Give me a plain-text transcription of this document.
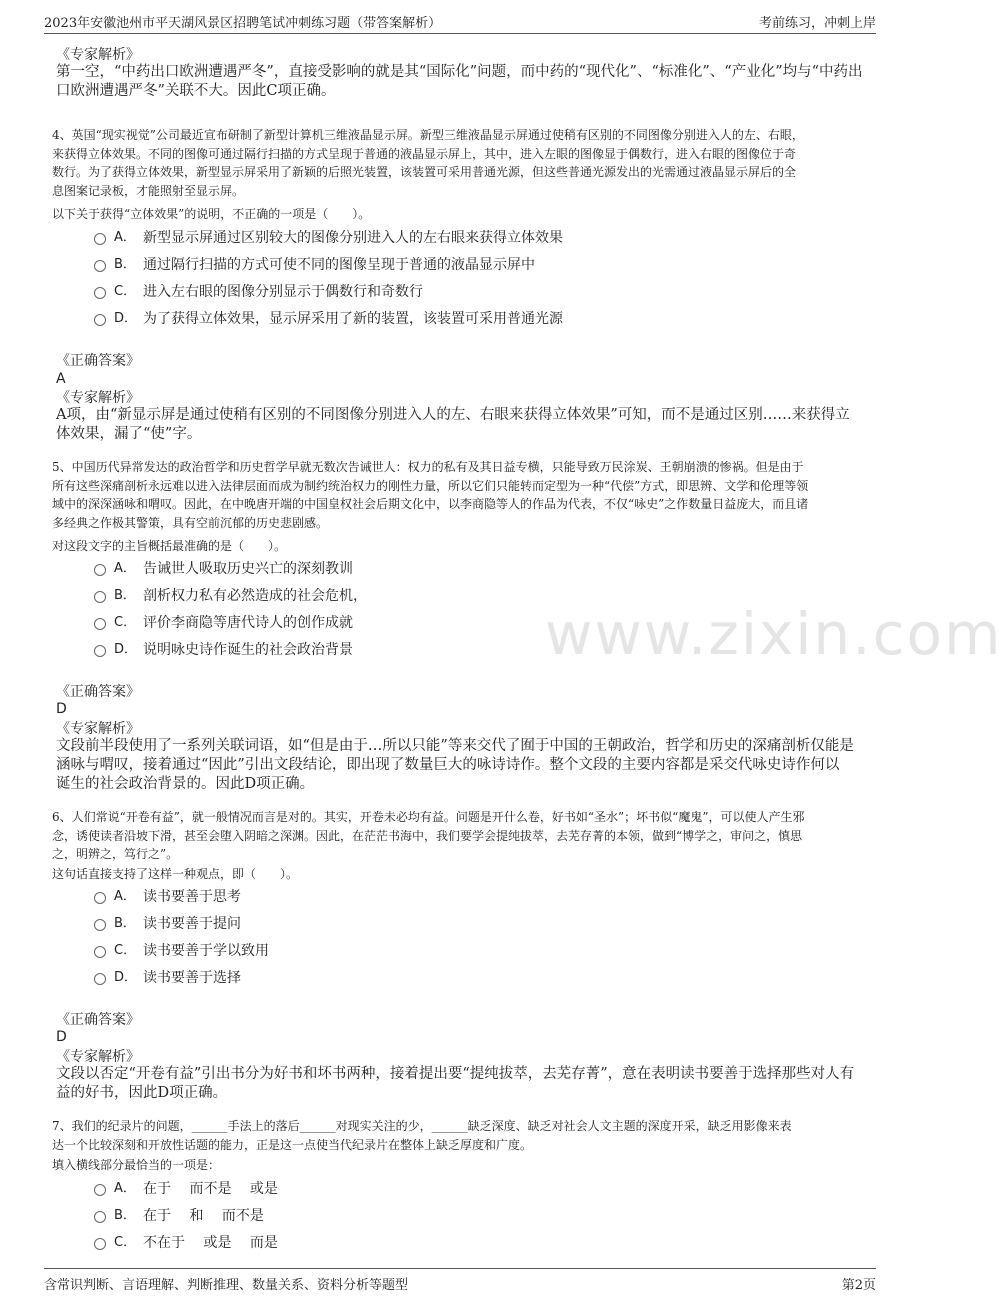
2023年安徽池州市平天湖风景区招聘笔试冲刺练习题（带答案解析）	考前练习，冲刺上岸
www.zixin.com
《专家解析》
第一空，“中药出口欧洲遭遇严冬”，直接受影响的就是其“国际化”问题，而中药的“现代化”、“标准化”、“产业化”均与“中药出
口欧洲遭遇严冬”关联不大。因此C项正确。
4、英国“现实视觉”公司最近宣布研制了新型计算机三维液晶显示屏。新型三维液晶显示屏通过使稍有区别的不同图像分别进入人的左、右眼，
来获得立体效果。不同的图像可通过隔行扫描的方式呈现于普通的液晶显示屏上，其中，进入左眼的图像显于偶数行，进入右眼的图像位于奇
数行。为了获得立体效果，新型显示屏采用了新颖的后照光装置，该装置可采用普通光源，但这些普通光源发出的光需通过液晶显示屏后的全
息图案记录板，才能照射至显示屏。
以下关于获得“立体效果”的说明，不正确的一项是（　　）。
A． 新型显示屏通过区别较大的图像分别进入人的左右眼来获得立体效果
B． 通过隔行扫描的方式可使不同的图像呈现于普通的液晶显示屏中
C． 进入左右眼的图像分别显示于偶数行和奇数行
D． 为了获得立体效果，显示屏采用了新的装置，该装置可采用普通光源
《正确答案》
A
《专家解析》
A项，由“新显示屏是通过使稍有区别的不同图像分别进入人的左、右眼来获得立体效果”可知，而不是通过区别……来获得立
体效果，漏了“使”字。
5、中国历代异常发达的政治哲学和历史哲学早就无数次告诫世人：权力的私有及其日益专横，只能导致万民涂炭、王朝崩溃的惨祸。但是由于
所有这些深痛剖析永远难以进入法律层面而成为制约统治权力的刚性力量，所以它们只能转而定型为一种“代偿”方式，即思辨、文学和伦理等领
域中的深深涵咏和喟叹。因此，在中晚唐开端的中国皇权社会后期文化中，以李商隐等人的作品为代表，不仅“咏史”之作数量日益庞大，而且诸
多经典之作极其警策，具有空前沉郁的历史悲剧感。
对这段文字的主旨概括最准确的是（　　）。
A． 告诫世人吸取历史兴亡的深刻教训
B． 剖析权力私有必然造成的社会危机，
C． 评价李商隐等唐代诗人的创作成就
D． 说明咏史诗作诞生的社会政治背景
《正确答案》
D
《专家解析》
文段前半段使用了一系列关联词语，如“但是由于…所以只能”等来交代了囿于中国的王朝政治，哲学和历史的深痛剖析仅能是
涵咏与喟叹，接着通过“因此”引出文段结论，即出现了数量巨大的咏诗诗作。整个文段的主要内容都是采交代咏史诗作何以
诞生的社会政治背景的。因此D项正确。
6、人们常说“开卷有益”，就一般情况而言是对的。其实，开卷未必均有益。问题是开什么卷，好书如“圣水”；坏书似“魔鬼”，可以使人产生邪
念，诱使读者沿坡下滑，甚至会堕入阴暗之深渊。因此，在茫茫书海中，我们要学会提纯拔萃，去芜存菁的本领，做到“博学之，审问之，慎思
之，明辨之，笃行之”。
这句话直接支持了这样一种观点，即（　　）。
A． 读书要善于思考
B． 读书要善于提问
C． 读书要善于学以致用
D． 读书要善于选择
《正确答案》
D
《专家解析》
文段以否定“开卷有益”引出书分为好书和坏书两种，接着提出要“提纯拔萃，去芜存菁”，意在表明读书要善于选择那些对人有
益的好书，因此D项正确。
7、我们的纪录片的问题，______手法上的落后______对现实关注的少，______缺乏深度、缺乏对社会人文主题的深度开采，缺乏用影像来表
达一个比较深刻和开放性话题的能力，正是这一点使当代纪录片在整体上缺乏厚度和广度。
填入横线部分最恰当的一项是：
A． 在于　 而不是　 或是
B． 在于　 和　 而不是
C． 不在于　 或是　 而是
含常识判断、言语理解、判断推理、数量关系、资料分析等题型	第2页
